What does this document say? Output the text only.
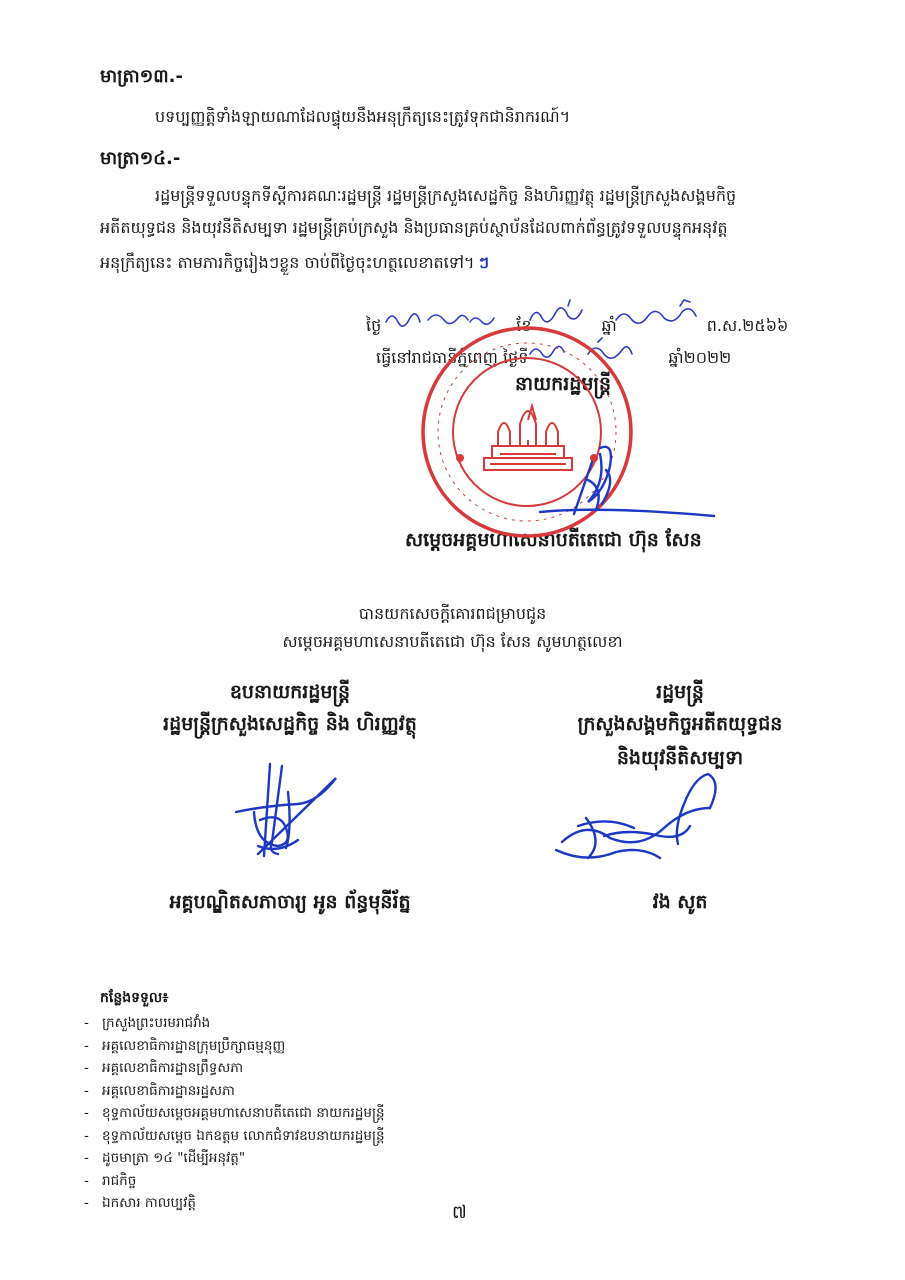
មាត្រា១៣.-
បទប្បញ្ញត្តិទាំងឡាយណាដែលផ្ទុយនឹងអនុក្រឹត្យនេះត្រូវទុកជានិរាករណ៍។
មាត្រា១៤.-
រដ្ឋមន្ត្រីទទួលបន្ទុកទីស្តីការគណៈរដ្ឋមន្ត្រី រដ្ឋមន្ត្រីក្រសួងសេដ្ឋកិច្ច និងហិរញ្ញវត្ថុ រដ្ឋមន្ត្រីក្រសួងសង្គមកិច្ច
អតីតយុទ្ធជន និងយុវនីតិសម្បទា រដ្ឋមន្ត្រីគ្រប់ក្រសួង និងប្រធានគ្រប់ស្ថាប័នដែលពាក់ព័ន្ធត្រូវទទួលបន្ទុកអនុវត្ត
អនុក្រឹត្យនេះ តាមភារកិច្ចរៀងៗខ្លួន ចាប់ពីថ្ងៃចុះហត្ថលេខាតទៅ។ ៗ
ថ្ងៃ	ខែ	ឆ្នាំ	ព.ស.២៥៦៦
ធ្វើនៅរាជធានីភ្នំពេញ ថ្ងៃទី	ឆ្នាំ២០២២
នាយករដ្ឋមន្ត្រី
សម្តេចអគ្គមហាសេនាបតីតេជោ ហ៊ុន សែន
បានយកសេចក្តីគោរពជម្រាបជូន
សម្តេចអគ្គមហាសេនាបតីតេជោ ហ៊ុន សែន សូមហត្ថលេខា
ឧបនាយករដ្ឋមន្ត្រី
រដ្ឋមន្ត្រីក្រសួងសេដ្ឋកិច្ច និង ហិរញ្ញវត្ថុ
អគ្គបណ្ឌិតសភាចារ្យ អូន ព័ន្ធមុនីរ័ត្ន
រដ្ឋមន្ត្រី
ក្រសួងសង្គមកិច្ចអតីតយុទ្ធជន
និងយុវនីតិសម្បទា
វង សូត
កន្លែងទទួល៖
- ក្រសួងព្រះបរមរាជវាំង
- អគ្គលេខាធិការដ្ឋានក្រុមប្រឹក្សាធម្មនុញ្ញ
- អគ្គលេខាធិការដ្ឋានព្រឹទ្ធសភា
- អគ្គលេខាធិការដ្ឋានរដ្ឋសភា
- ខុទ្ទកាល័យសម្តេចអគ្គមហាសេនាបតីតេជោ នាយករដ្ឋមន្ត្រី
- ខុទ្ទកាល័យសម្តេច ឯកឧត្តម លោកជំទាវឧបនាយករដ្ឋមន្ត្រី
- ដូចមាត្រា ១៤ "ដើម្បីអនុវត្ត"
- រាជកិច្ច
- ឯកសារ កាលប្បវត្តិ	៧
